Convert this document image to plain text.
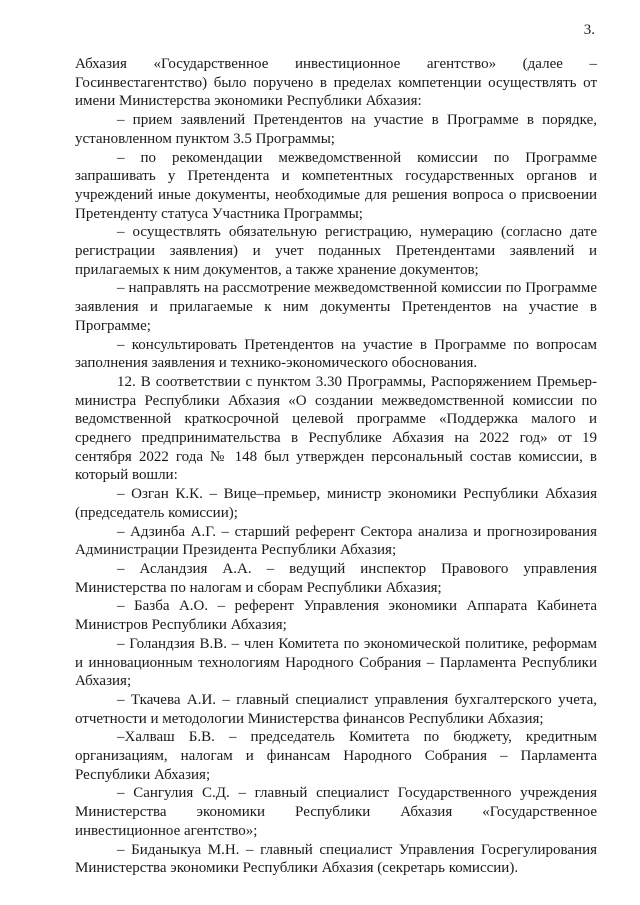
3.

Абхазия «Государственное инвестиционное агентство» (далее – Госинвестагентство) было поручено в пределах компетенции осуществлять от имени Министерства экономики Республики Абхазия:

– прием заявлений Претендентов на участие в Программе в порядке, установленном пунктом 3.5 Программы;

– по рекомендации межведомственной комиссии по Программе запрашивать у Претендента и компетентных государственных органов и учреждений иные документы, необходимые для решения вопроса о присвоении Претенденту статуса Участника Программы;

– осуществлять обязательную регистрацию, нумерацию (согласно дате регистрации заявления) и учет поданных Претендентами заявлений и прилагаемых к ним документов, а также хранение документов;

– направлять на рассмотрение межведомственной комиссии по Программе заявления и прилагаемые к ним документы Претендентов на участие в Программе;

– консультировать Претендентов на участие в Программе по вопросам заполнения заявления и технико-экономического обоснования.

12. В соответствии с пунктом 3.30 Программы, Распоряжением Премьер-министра Республики Абхазия «О создании межведомственной комиссии по ведомственной краткосрочной целевой программе «Поддержка малого и среднего предпринимательства в Республике Абхазия на 2022 год» от 19 сентября 2022 года № 148 был утвержден персональный состав комиссии, в который вошли:

– Озган К.К. – Вице–премьер, министр экономики Республики Абхазия (председатель комиссии);

– Адзинба А.Г. – старший референт Сектора анализа и прогнозирования Администрации Президента Республики Абхазия;

– Асландзия А.А. – ведущий инспектор Правового управления Министерства по налогам и сборам Республики Абхазия;

– Базба А.О. – референт Управления экономики Аппарата Кабинета Министров Республики Абхазия;

– Голандзия В.В. – член Комитета по экономической политике, реформам и инновационным технологиям Народного Собрания – Парламента Республики Абхазия;

– Ткачева А.И. – главный специалист управления бухгалтерского учета, отчетности и методологии Министерства финансов Республики Абхазия;

–Халваш Б.В. – председатель Комитета по бюджету, кредитным организациям, налогам и финансам Народного Собрания – Парламента Республики Абхазия;

– Сангулия С.Д. – главный специалист Государственного учреждения Министерства экономики Республики Абхазия «Государственное инвестиционное агентство»;

– Биданыкуа М.Н. – главный специалист Управления Госрегулирования Министерства экономики Республики Абхазия (секретарь комиссии).
